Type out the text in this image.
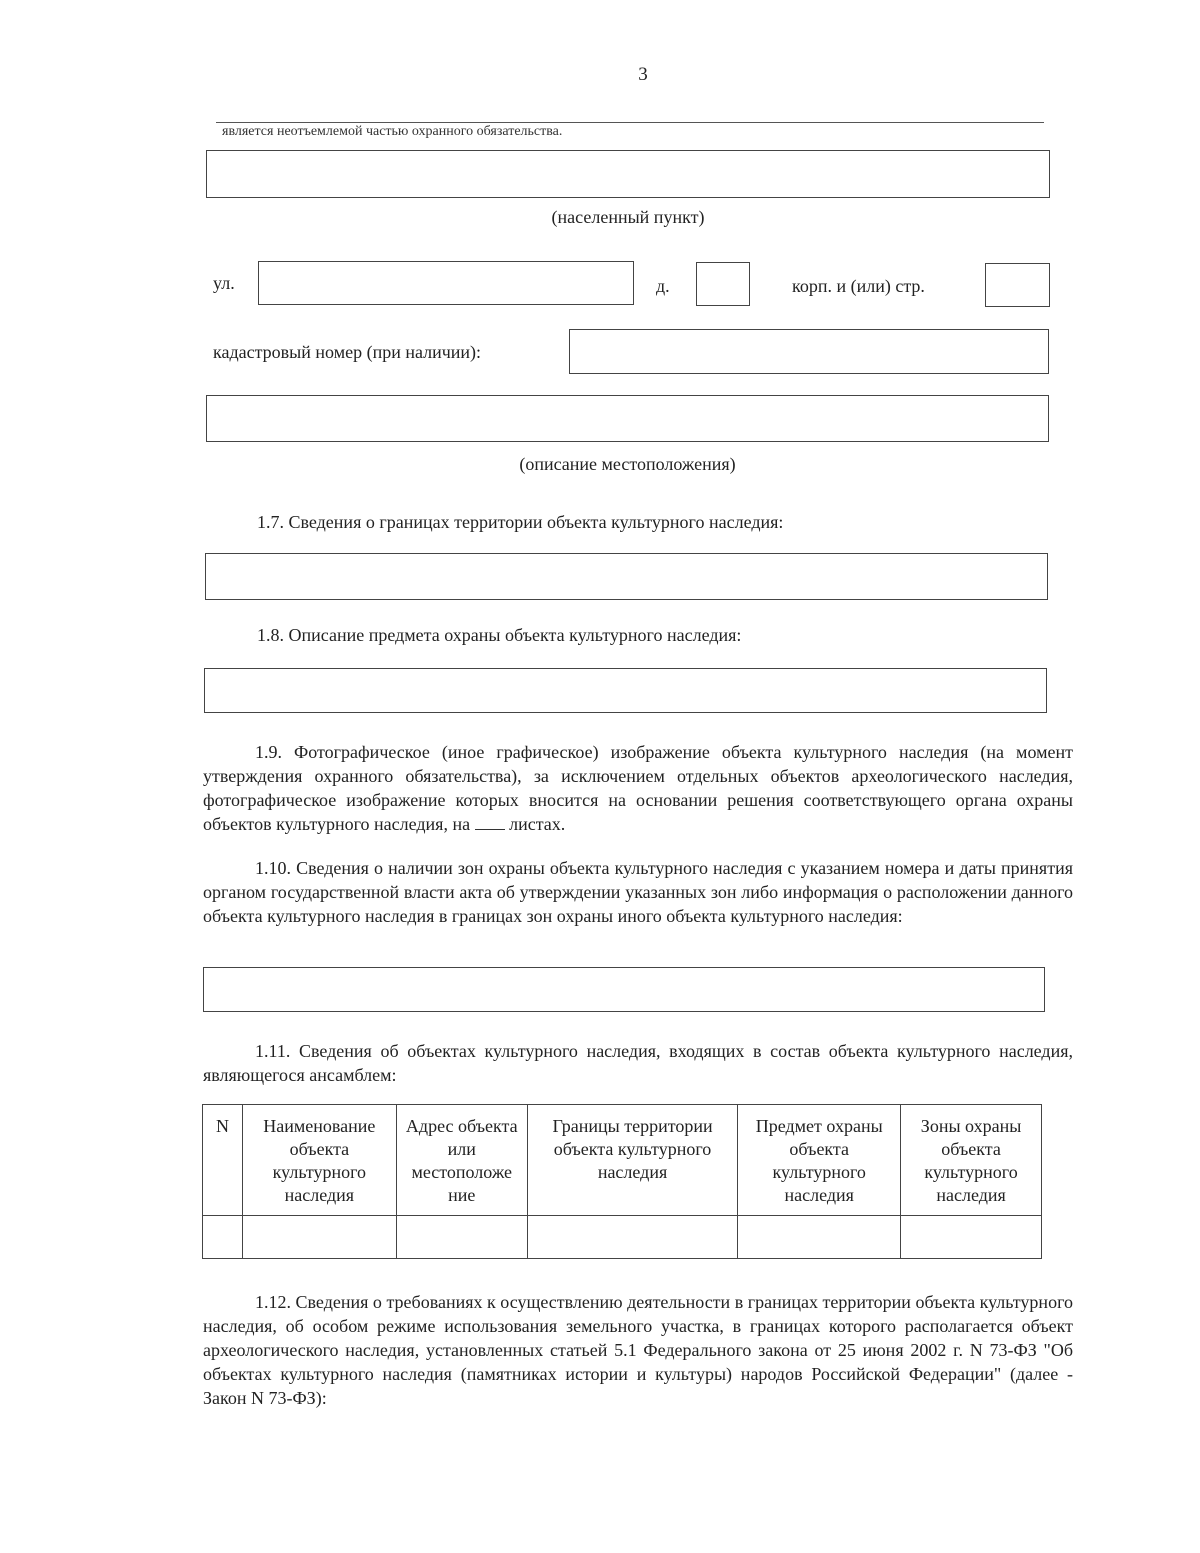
3
является неотъемлемой частью охранного обязательства.
(населенный пункт)
ул.	д.	корп. и (или) стр.
кадастровый номер (при наличии):
(описание местоположения)
1.7. Сведения о границах территории объекта культурного наследия:
1.8. Описание предмета охраны объекта культурного наследия:
1.9. Фотографическое (иное графическое) изображение объекта культурного наследия (на момент утверждения охранного обязательства), за исключением отдельных объектов археологического наследия, фотографическое изображение которых вносится на основании решения соответствующего органа охраны объектов культурного наследия, на листах.
1.10. Сведения о наличии зон охраны объекта культурного наследия с указанием номера и даты принятия органом государственной власти акта об утверждении указанных зон либо информация о расположении данного объекта культурного наследия в границах зон охраны иного объекта культурного наследия:
1.11. Сведения об объектах культурного наследия, входящих в состав объекта культурного наследия, являющегося ансамблем:
N	Наименование объекта культурного наследия	Адрес объекта или местоположе ние	Границы территории объекта культурного наследия	Предмет охраны объекта культурного наследия	Зоны охраны объекта культурного наследия

1.12. Сведения о требованиях к осуществлению деятельности в границах территории объекта культурного наследия, об особом режиме использования земельного участка, в границах которого располагается объект археологического наследия, установленных статьей 5.1 Федерального закона от 25 июня 2002 г. N 73-ФЗ "Об объектах культурного наследия (памятниках истории и культуры) народов Российской Федерации" (далее - Закон N 73-ФЗ):
